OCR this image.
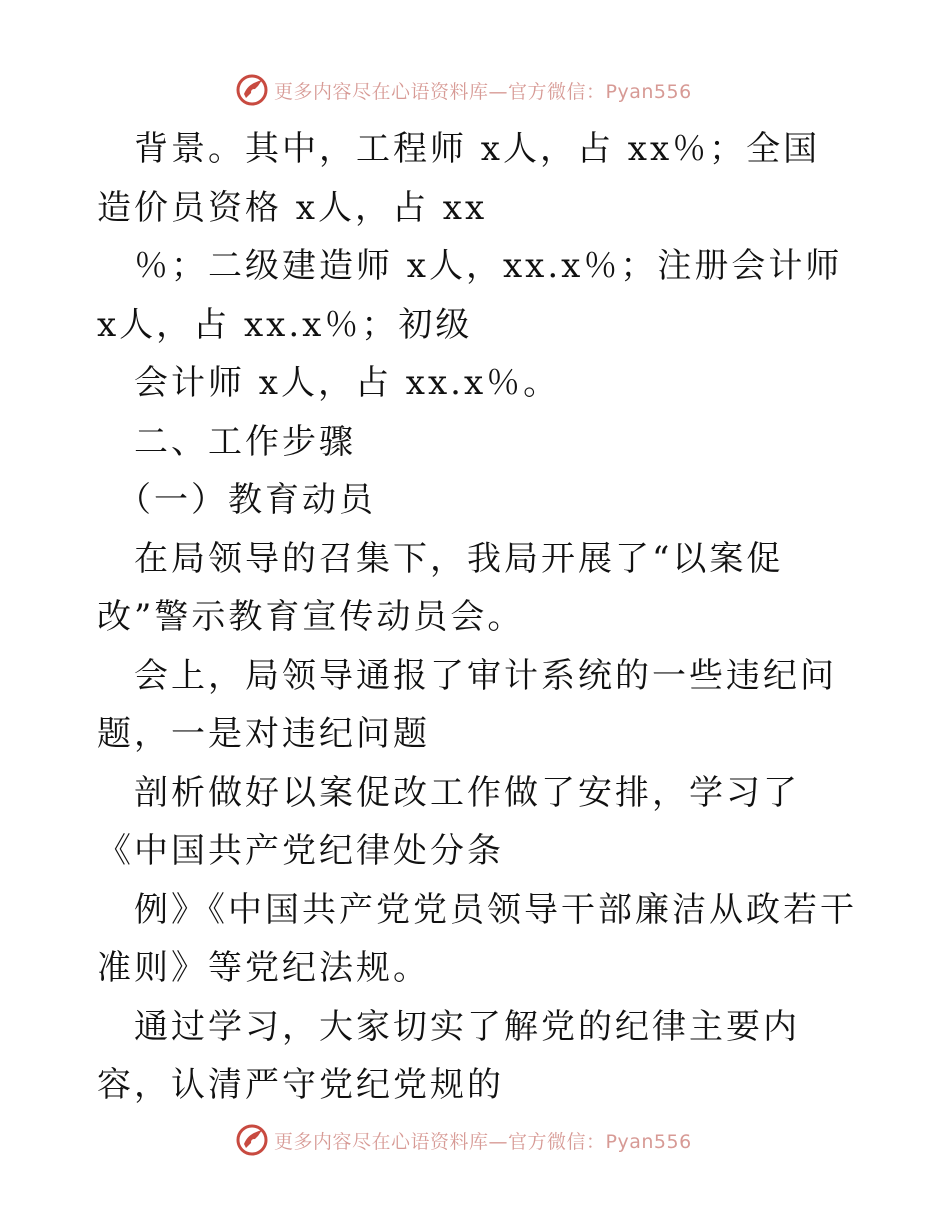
更多内容尽在心语资料库—官方微信：Pyan556

　背景。其中，工程师 x人，占 xx％；全国造价员资格 x人，占 xx

　％；二级建造师 x人，xx.x％；注册会计师 x人，占 xx.x％；初级

　会计师 x人，占 xx.x％。

　二、工作步骤

　（一）教育动员

　在局领导的召集下，我局开展了“以案促改”警示教育宣传动员会。

　会上，局领导通报了审计系统的一些违纪问题，一是对违纪问题

　剖析做好以案促改工作做了安排，学习了《中国共产党纪律处分条

　例》《中国共产党党员领导干部廉洁从政若干准则》等党纪法规。

　通过学习，大家切实了解党的纪律主要内容，认清严守党纪党规的

更多内容尽在心语资料库—官方微信：Pyan556
